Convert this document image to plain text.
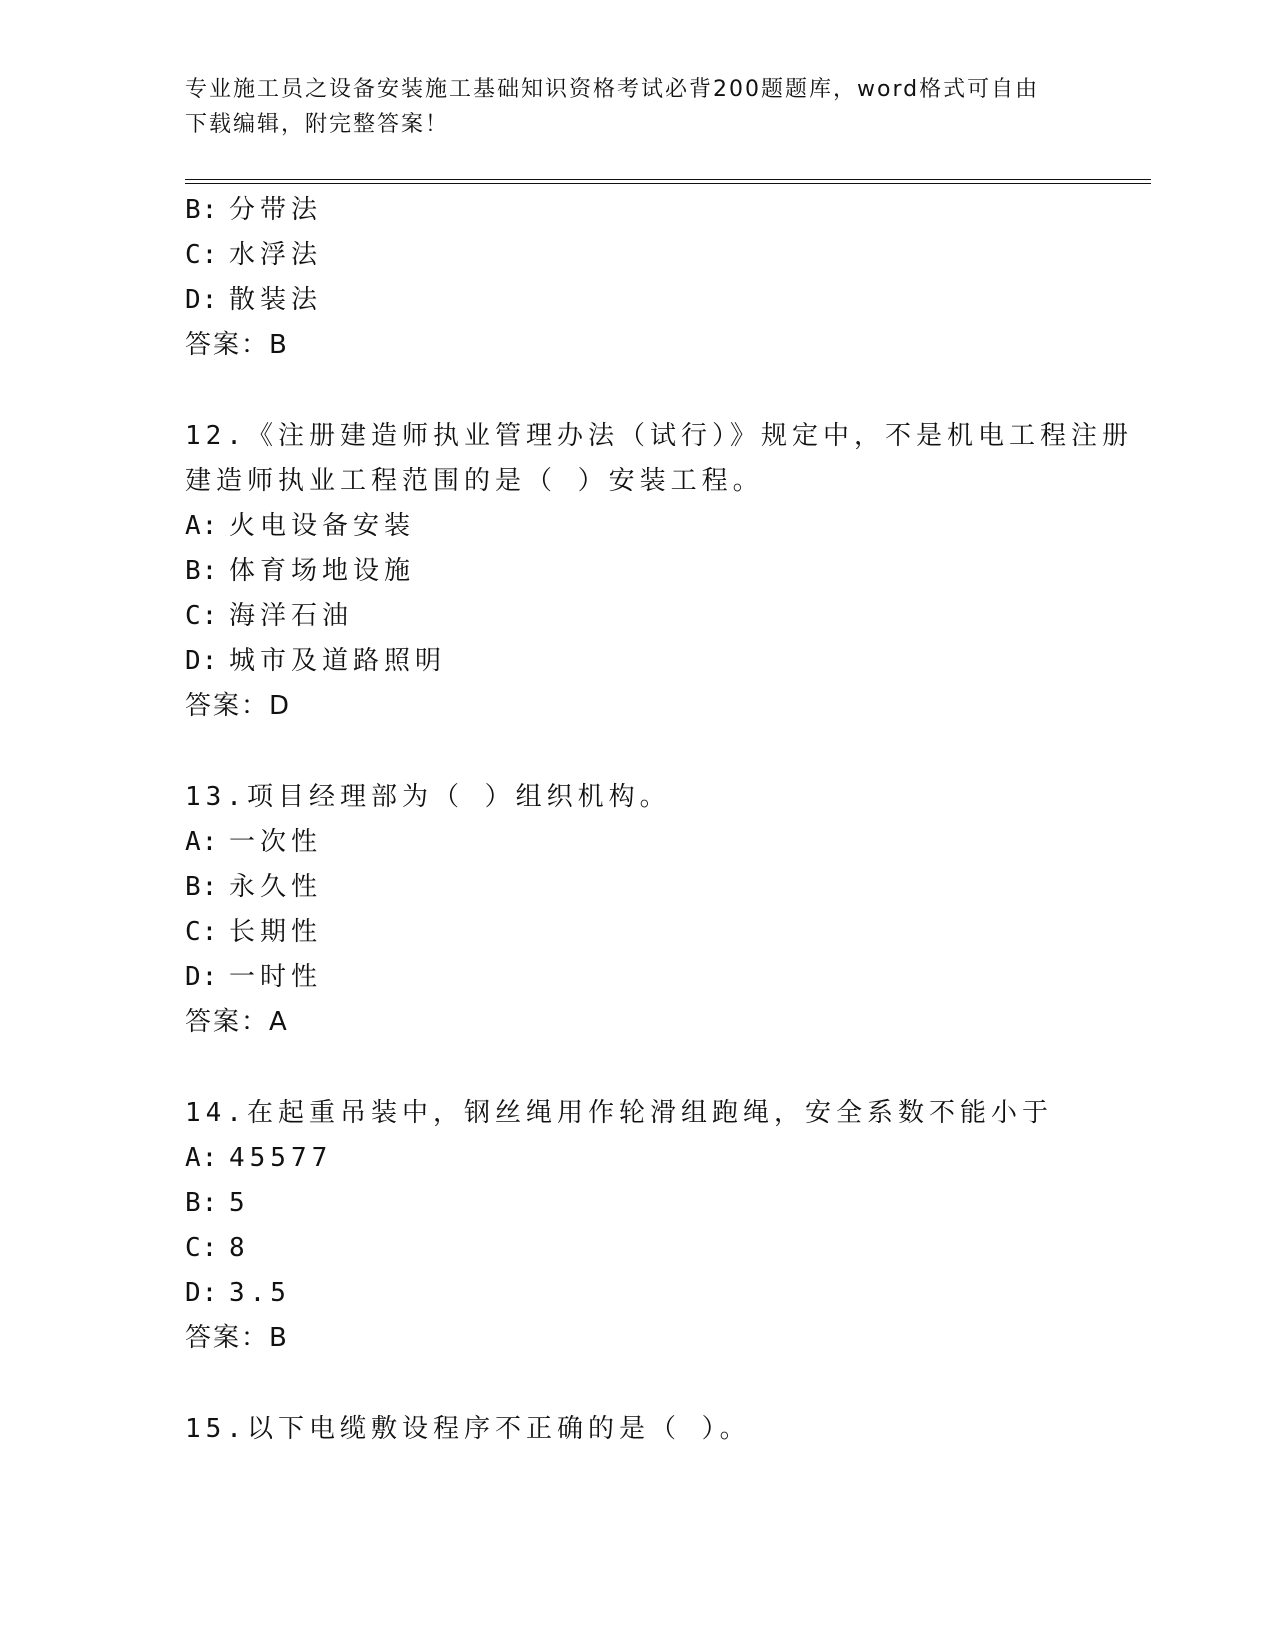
专业施工员之设备安装施工基础知识资格考试必背200题题库，word格式可自由
下载编辑，附完整答案！
B: 分带法
C: 水浮法
D: 散装法
答案：B
12.《注册建造师执业管理办法（试行）》规定中，不是机电工程注册
建造师执业工程范围的是（ ）安装工程。
A: 火电设备安装
B: 体育场地设施
C: 海洋石油
D: 城市及道路照明
答案：D
13.项目经理部为（ ）组织机构。
A: 一次性
B: 永久性
C: 长期性
D: 一时性
答案：A
14.在起重吊装中，钢丝绳用作轮滑组跑绳，安全系数不能小于
A: 45577
B: 5
C: 8
D: 3.5
答案：B
15.以下电缆敷设程序不正确的是（ ）。
